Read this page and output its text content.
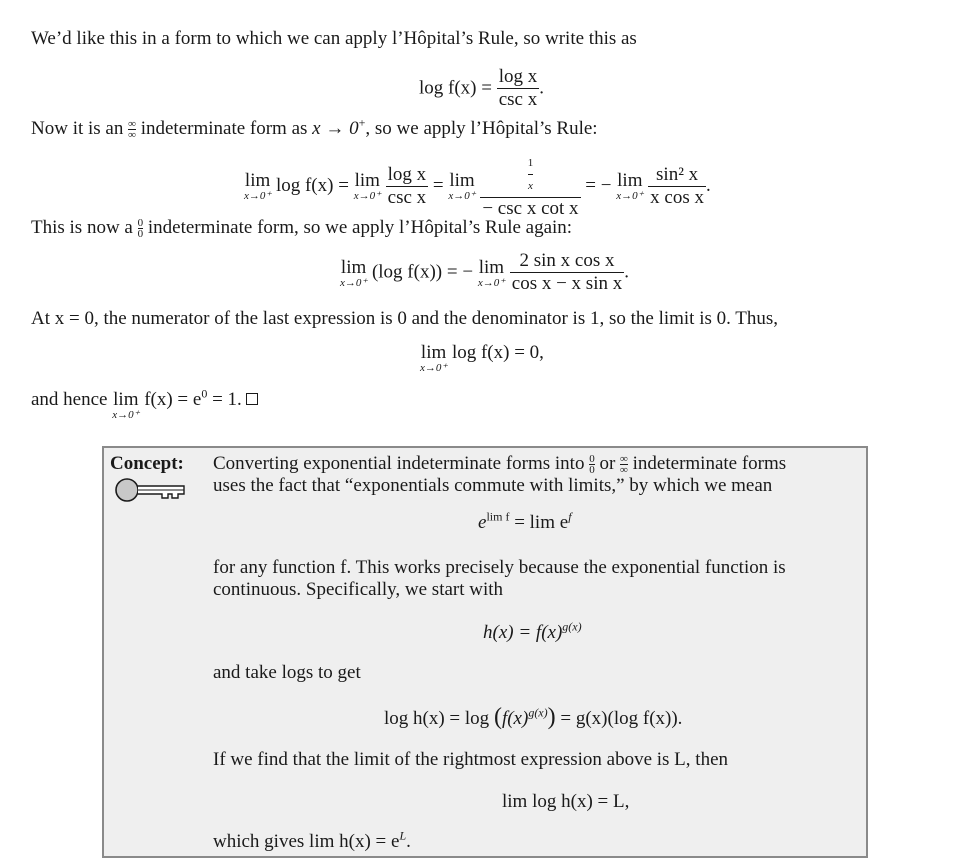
We’d like this in a form to which we can apply l’Hôpital’s Rule, so write this as
$\log f(x) = \frac{\text{log x}}{\text{csc x}}$ .
Now it is an $\frac{\infty}{\infty}$ indeterminate form as x → 0+, so we apply l’Hôpital’s Rule:
lim
x→0⁺ log f(x) = lim
x→0⁺
$\frac{\text{log x}}{\text{csc x}} = \lim$
x→0⁺
$\frac{\frac{1}{x}}{\text{− csc x cot x}}$ = − lim
x→0⁺
$\frac{\text{sin² x}}{\text{x cos x}}$ .
This is now a $\frac{0}{0}$ indeterminate form, so we apply l’Hôpital’s Rule again:
lim
x→0⁺ (log f(x)) = − lim
x→0⁺
$\frac{\text{2 sin x cos x}}{\text{cos x − x sin x}}$ .
At x = 0, the numerator of the last expression is 0 and the denominator is 1, so the limit is 0. Thus,
lim
x→0⁺
log f(x) = 0,
and hence lim
x→0⁺
$f(x) = e^0 = 1$.
Concept: Converting exponential indeterminate forms into $\frac{0}{0}$ or $\frac{\infty}{\infty}$ indeterminate forms
uses the fact that “exponentials commute with limits,” by which we mean
$e^{lim f} = \lim e^f$
for any function f. This works precisely because the exponential function is
continuous. Specifically, we start with
$h(x) = f(x)^{g(x)}$
and take logs to get
$\log h(x) = \log (f(x)^{g(x)}) = g(x)(\log$ f(x)).
If we find that the limit of the rightmost expression above is L, then
lim log h(x) = L,
which gives $\lim h(x) = e^L$.
